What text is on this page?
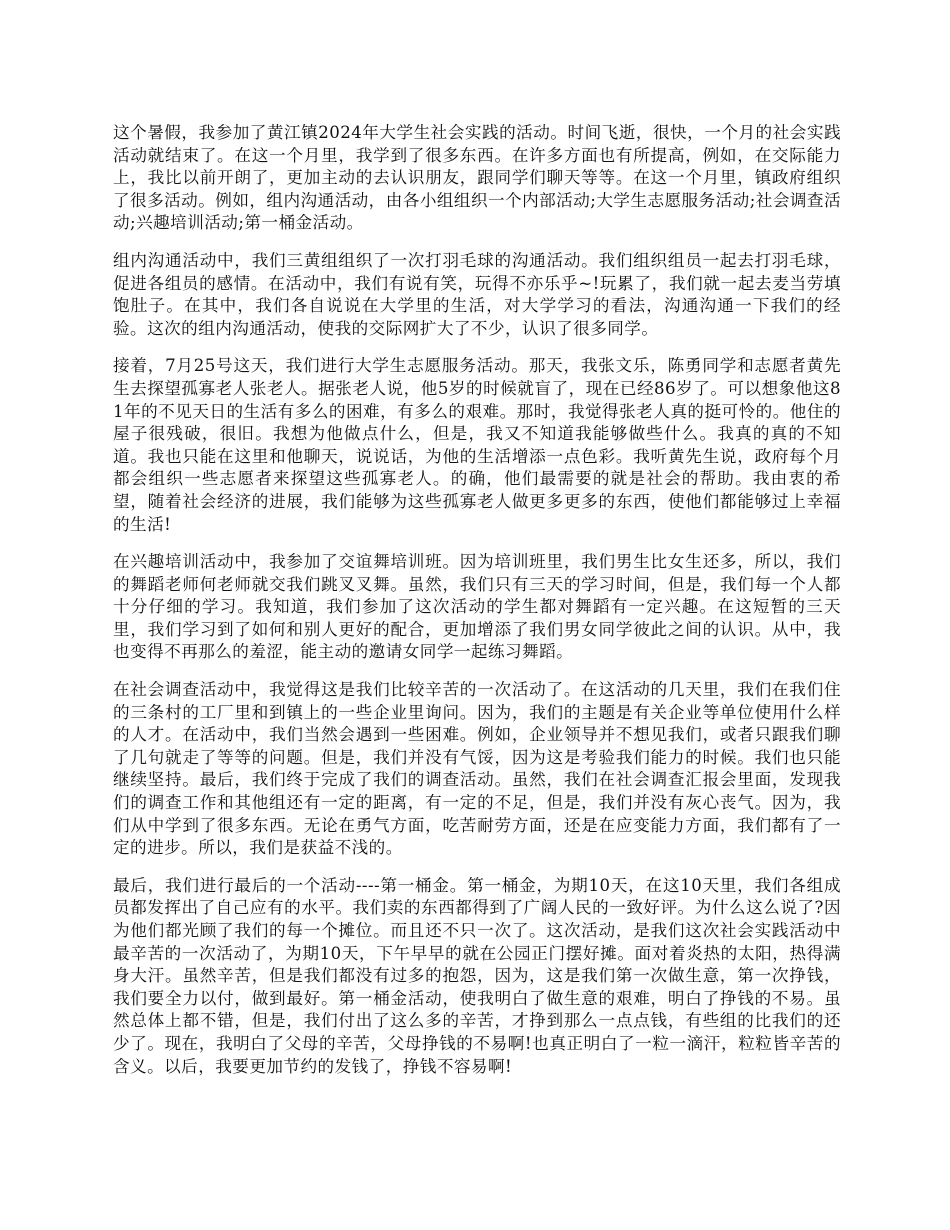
这个暑假，我参加了黄江镇2024年大学生社会实践的活动。时间飞逝，很快，一个月的社会实践活动就结束了。在这一个月里，我学到了很多东西。在许多方面也有所提高，例如，在交际能力上，我比以前开朗了，更加主动的去认识朋友，跟同学们聊天等等。在这一个月里，镇政府组织了很多活动。例如，组内沟通活动，由各小组组织一个内部活动;大学生志愿服务活动;社会调查活动;兴趣培训活动;第一桶金活动。

组内沟通活动中，我们三黄组组织了一次打羽毛球的沟通活动。我们组织组员一起去打羽毛球，促进各组员的感情。在活动中，我们有说有笑，玩得不亦乐乎~!玩累了，我们就一起去麦当劳填饱肚子。在其中，我们各自说说在大学里的生活，对大学学习的看法，沟通沟通一下我们的经验。这次的组内沟通活动，使我的交际网扩大了不少，认识了很多同学。

接着，7月25号这天，我们进行大学生志愿服务活动。那天，我张文乐，陈勇同学和志愿者黄先生去探望孤寡老人张老人。据张老人说，他5岁的时候就盲了，现在已经86岁了。可以想象他这81年的不见天日的生活有多么的困难，有多么的艰难。那时，我觉得张老人真的挺可怜的。他住的屋子很残破，很旧。我想为他做点什么，但是，我又不知道我能够做些什么。我真的真的不知道。我也只能在这里和他聊天，说说话，为他的生活增添一点色彩。我听黄先生说，政府每个月都会组织一些志愿者来探望这些孤寡老人。的确，他们最需要的就是社会的帮助。我由衷的希望，随着社会经济的进展，我们能够为这些孤寡老人做更多更多的东西，使他们都能够过上幸福的生活!

在兴趣培训活动中，我参加了交谊舞培训班。因为培训班里，我们男生比女生还多，所以，我们的舞蹈老师何老师就交我们跳叉叉舞。虽然，我们只有三天的学习时间，但是，我们每一个人都十分仔细的学习。我知道，我们参加了这次活动的学生都对舞蹈有一定兴趣。在这短暂的三天里，我们学习到了如何和别人更好的配合，更加增添了我们男女同学彼此之间的认识。从中，我也变得不再那么的羞涩，能主动的邀请女同学一起练习舞蹈。

在社会调查活动中，我觉得这是我们比较辛苦的一次活动了。在这活动的几天里，我们在我们住的三条村的工厂里和到镇上的一些企业里询问。因为，我们的主题是有关企业等单位使用什么样的人才。在活动中，我们当然会遇到一些困难。例如，企业领导并不想见我们，或者只跟我们聊了几句就走了等等的问题。但是，我们并没有气馁，因为这是考验我们能力的时候。我们也只能继续坚持。最后，我们终于完成了我们的调查活动。虽然，我们在社会调查汇报会里面，发现我们的调查工作和其他组还有一定的距离，有一定的不足，但是，我们并没有灰心丧气。因为，我们从中学到了很多东西。无论在勇气方面，吃苦耐劳方面，还是在应变能力方面，我们都有了一定的进步。所以，我们是获益不浅的。

最后，我们进行最后的一个活动----第一桶金。第一桶金，为期10天，在这10天里，我们各组成员都发挥出了自己应有的水平。我们卖的东西都得到了广阔人民的一致好评。为什么这么说了?因为他们都光顾了我们的每一个摊位。而且还不只一次了。这次活动，是我们这次社会实践活动中最辛苦的一次活动了，为期10天，下午早早的就在公园正门摆好摊。面对着炎热的太阳，热得满身大汗。虽然辛苦，但是我们都没有过多的抱怨，因为，这是我们第一次做生意，第一次挣钱，我们要全力以付，做到最好。第一桶金活动，使我明白了做生意的艰难，明白了挣钱的不易。虽然总体上都不错，但是，我们付出了这么多的辛苦，才挣到那么一点点钱，有些组的比我们的还少了。现在，我明白了父母的辛苦，父母挣钱的不易啊!也真正明白了一粒一滴汗，粒粒皆辛苦的含义。以后，我要更加节约的发钱了，挣钱不容易啊!
